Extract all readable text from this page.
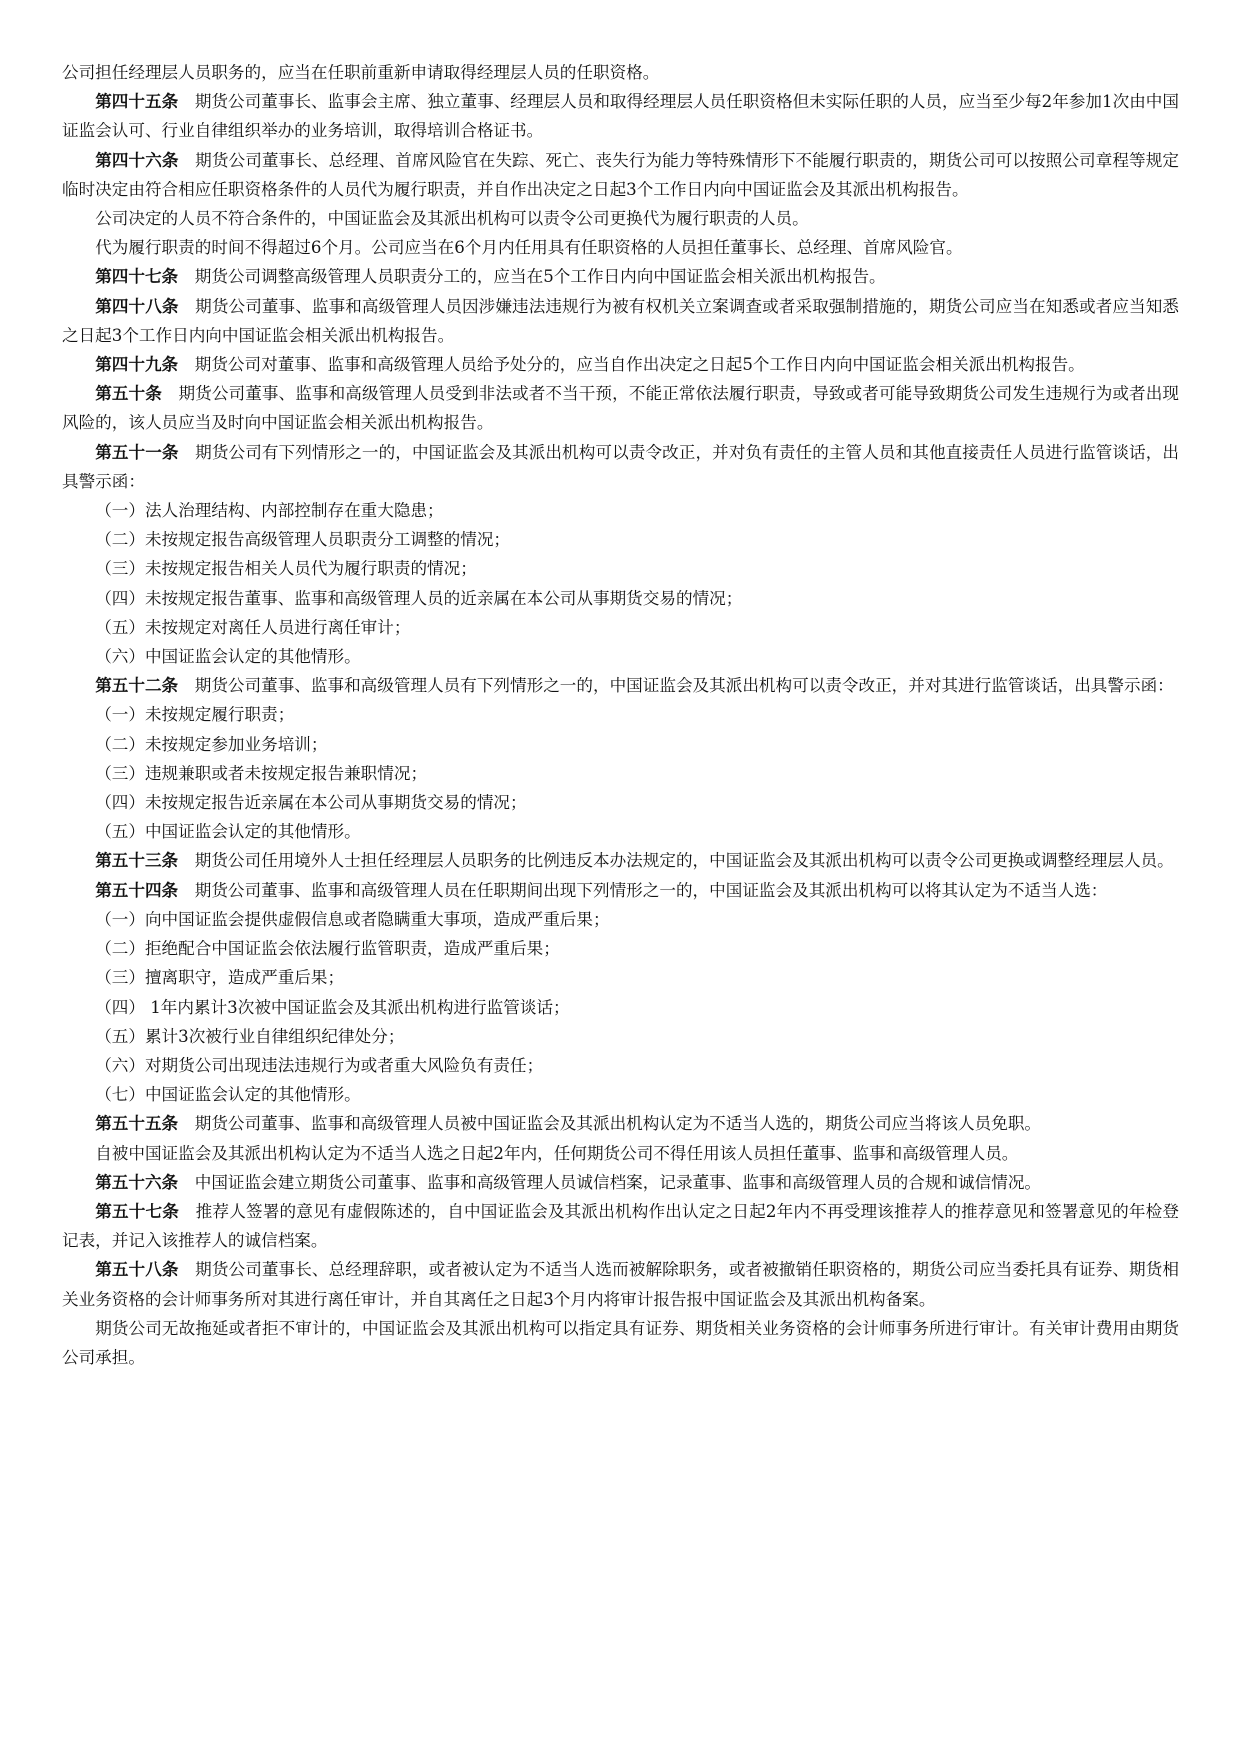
公司担任经理层人员职务的，应当在任职前重新申请取得经理层人员的任职资格。

第四十五条 期货公司董事长、监事会主席、独立董事、经理层人员和取得经理层人员任职资格但未实际任职的人员，应当至少每2年参加1次由中国证监会认可、行业自律组织举办的业务培训，取得培训合格证书。

第四十六条 期货公司董事长、总经理、首席风险官在失踪、死亡、丧失行为能力等特殊情形下不能履行职责的，期货公司可以按照公司章程等规定临时决定由符合相应任职资格条件的人员代为履行职责，并自作出决定之日起3个工作日内向中国证监会及其派出机构报告。

公司决定的人员不符合条件的，中国证监会及其派出机构可以责令公司更换代为履行职责的人员。

代为履行职责的时间不得超过6个月。公司应当在6个月内任用具有任职资格的人员担任董事长、总经理、首席风险官。

第四十七条 期货公司调整高级管理人员职责分工的，应当在5个工作日内向中国证监会相关派出机构报告。

第四十八条 期货公司董事、监事和高级管理人员因涉嫌违法违规行为被有权机关立案调查或者采取强制措施的，期货公司应当在知悉或者应当知悉之日起3个工作日内向中国证监会相关派出机构报告。

第四十九条 期货公司对董事、监事和高级管理人员给予处分的，应当自作出决定之日起5个工作日内向中国证监会相关派出机构报告。

第五十条 期货公司董事、监事和高级管理人员受到非法或者不当干预，不能正常依法履行职责，导致或者可能导致期货公司发生违规行为或者出现风险的，该人员应当及时向中国证监会相关派出机构报告。

第五十一条 期货公司有下列情形之一的，中国证监会及其派出机构可以责令改正，并对负有责任的主管人员和其他直接责任人员进行监管谈话，出具警示函：

（一）法人治理结构、内部控制存在重大隐患；

（二）未按规定报告高级管理人员职责分工调整的情况；

（三）未按规定报告相关人员代为履行职责的情况；

（四）未按规定报告董事、监事和高级管理人员的近亲属在本公司从事期货交易的情况；

（五）未按规定对离任人员进行离任审计；

（六）中国证监会认定的其他情形。

第五十二条 期货公司董事、监事和高级管理人员有下列情形之一的，中国证监会及其派出机构可以责令改正，并对其进行监管谈话，出具警示函：

（一）未按规定履行职责；

（二）未按规定参加业务培训；

（三）违规兼职或者未按规定报告兼职情况；

（四）未按规定报告近亲属在本公司从事期货交易的情况；

（五）中国证监会认定的其他情形。

第五十三条 期货公司任用境外人士担任经理层人员职务的比例违反本办法规定的，中国证监会及其派出机构可以责令公司更换或调整经理层人员。

第五十四条 期货公司董事、监事和高级管理人员在任职期间出现下列情形之一的，中国证监会及其派出机构可以将其认定为不适当人选：

（一）向中国证监会提供虚假信息或者隐瞒重大事项，造成严重后果；

（二）拒绝配合中国证监会依法履行监管职责，造成严重后果；

（三）擅离职守，造成严重后果；

（四） 1年内累计3次被中国证监会及其派出机构进行监管谈话；

（五）累计3次被行业自律组织纪律处分；

（六）对期货公司出现违法违规行为或者重大风险负有责任；

（七）中国证监会认定的其他情形。

第五十五条 期货公司董事、监事和高级管理人员被中国证监会及其派出机构认定为不适当人选的，期货公司应当将该人员免职。

自被中国证监会及其派出机构认定为不适当人选之日起2年内，任何期货公司不得任用该人员担任董事、监事和高级管理人员。

第五十六条 中国证监会建立期货公司董事、监事和高级管理人员诚信档案，记录董事、监事和高级管理人员的合规和诚信情况。

第五十七条 推荐人签署的意见有虚假陈述的，自中国证监会及其派出机构作出认定之日起2年内不再受理该推荐人的推荐意见和签署意见的年检登记表，并记入该推荐人的诚信档案。

第五十八条 期货公司董事长、总经理辞职，或者被认定为不适当人选而被解除职务，或者被撤销任职资格的，期货公司应当委托具有证券、期货相关业务资格的会计师事务所对其进行离任审计，并自其离任之日起3个月内将审计报告报中国证监会及其派出机构备案。

期货公司无故拖延或者拒不审计的，中国证监会及其派出机构可以指定具有证券、期货相关业务资格的会计师事务所进行审计。有关审计费用由期货公司承担。
